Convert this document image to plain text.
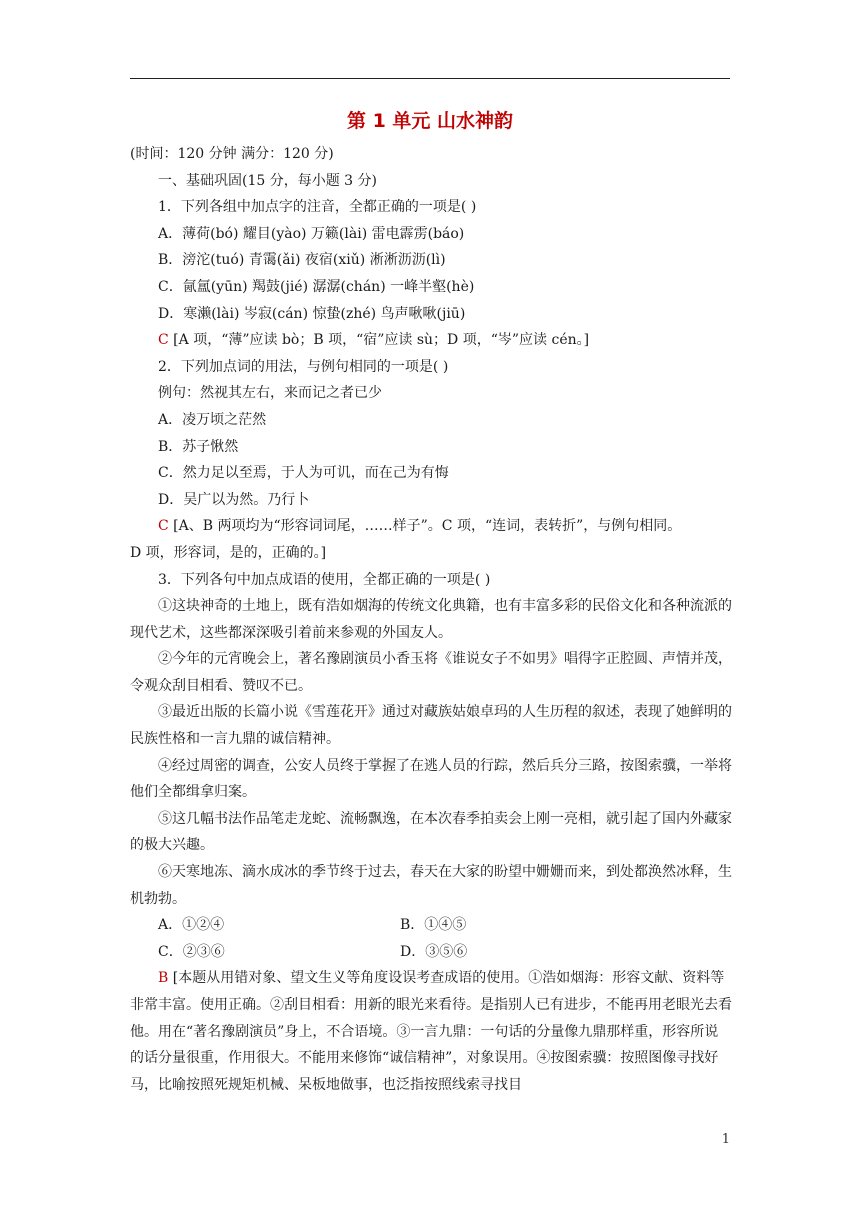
第 1 单元 山水神韵

(时间：120 分钟 满分：120 分)

一、基础巩固(15 分，每小题 3 分)

1．下列各组中加点字的注音，全都正确的一项是( )

A．薄荷(bó) 耀目(yào) 万籁(lài) 雷电霹雳(báo)

B．滂沱(tuó) 青霭(ǎi) 夜宿(xiǔ) 淅淅沥沥(lì)

C．氤氲(yūn) 羯鼓(jié) 潺潺(chán) 一峰半壑(hè)

D．寒濑(lài) 岑寂(cán) 惊蛰(zhé) 鸟声啾啾(jiū)

C [A 项，“薄”应读 bò；B 项，“宿”应读 sù；D 项，“岑”应读 cén。]

2．下列加点词的用法，与例句相同的一项是( )

例句：然视其左右，来而记之者已少

A．凌万顷之茫然

B．苏子愀然

C．然力足以至焉，于人为可讥，而在己为有悔

D．吴广以为然。乃行卜

C [A、B 两项均为“形容词词尾，……样子”。C 项，“连词，表转折”，与例句相同。

D 项，形容词，是的，正确的。]

3．下列各句中加点成语的使用，全都正确的一项是( )

①这块神奇的土地上，既有浩如烟海的传统文化典籍，也有丰富多彩的民俗文化和各种流派的现代艺术，这些都深深吸引着前来参观的外国友人。

②今年的元宵晚会上，著名豫剧演员小香玉将《谁说女子不如男》唱得字正腔圆、声情并茂，令观众刮目相看、赞叹不已。

③最近出版的长篇小说《雪莲花开》通过对藏族姑娘卓玛的人生历程的叙述，表现了她鲜明的民族性格和一言九鼎的诚信精神。

④经过周密的调查，公安人员终于掌握了在逃人员的行踪，然后兵分三路，按图索骥，一举将他们全都缉拿归案。

⑤这几幅书法作品笔走龙蛇、流畅飘逸，在本次春季拍卖会上刚一亮相，就引起了国内外藏家的极大兴趣。

⑥天寒地冻、滴水成冰的季节终于过去，春天在大家的盼望中姗姗而来，到处都涣然冰释，生机勃勃。

A．①②④	B．①④⑤
C．②③⑥	D．③⑤⑥

B [本题从用错对象、望文生义等角度设误考查成语的使用。①浩如烟海：形容文献、资料等非常丰富。使用正确。②刮目相看：用新的眼光来看待。是指别人已有进步，不能再用老眼光去看他。用在“著名豫剧演员”身上，不合语境。③一言九鼎：一句话的分量像九鼎那样重，形容所说的话分量很重，作用很大。不能用来修饰“诚信精神”，对象误用。④按图索骥：按照图像寻找好马，比喻按照死规矩机械、呆板地做事，也泛指按照线索寻找目

1
